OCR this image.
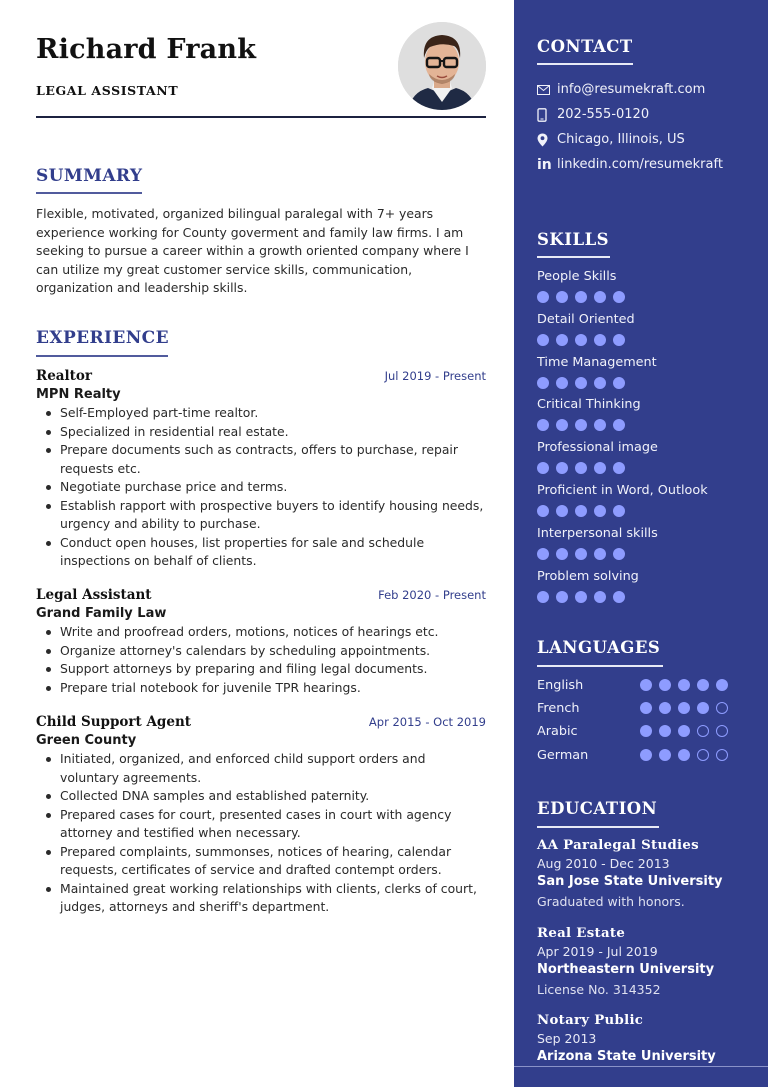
Richard Frank
LEGAL ASSISTANT
SUMMARY
Flexible, motivated, organized bilingual paralegal with 7+ years experience working for County goverment and family law firms. I am seeking to pursue a career within a growth oriented company where I can utilize my great customer service skills, communication, organization and leadership skills.
EXPERIENCE
Realtor	Jul 2019 - Present
MPN Realty
Self-Employed part-time realtor.
Specialized in residential real estate.
Prepare documents such as contracts, offers to purchase, repair requests etc.
Negotiate purchase price and terms.
Establish rapport with prospective buyers to identify housing needs, urgency and ability to purchase.
Conduct open houses, list properties for sale and schedule inspections on behalf of clients.
Legal Assistant	Feb 2020 - Present
Grand Family Law
Write and proofread orders, motions, notices of hearings etc.
Organize attorney's calendars by scheduling appointments.
Support attorneys by preparing and filing legal documents.
Prepare trial notebook for juvenile TPR hearings.
Child Support Agent	Apr 2015 - Oct 2019
Green County
Initiated, organized, and enforced child support orders and voluntary agreements.
Collected DNA samples and established paternity.
Prepared cases for court, presented cases in court with agency attorney and testified when necessary.
Prepared complaints, summonses, notices of hearing, calendar requests, certificates of service and drafted contempt orders.
Maintained great working relationships with clients, clerks of court, judges, attorneys and sheriff's department.
CONTACT
info@resumekraft.com
202-555-0120
Chicago, Illinois, US
in linkedin.com/resumekraft
SKILLS
People Skills
Detail Oriented
Time Management
Critical Thinking
Professional image
Proficient in Word, Outlook
Interpersonal skills
Problem solving
LANGUAGES
English
French
Arabic
German
EDUCATION
AA Paralegal Studies
Aug 2010 - Dec 2013
San Jose State University
Graduated with honors.
Real Estate
Apr 2019 - Jul 2019
Northeastern University
License No. 314352
Notary Public
Sep 2013
Arizona State University
